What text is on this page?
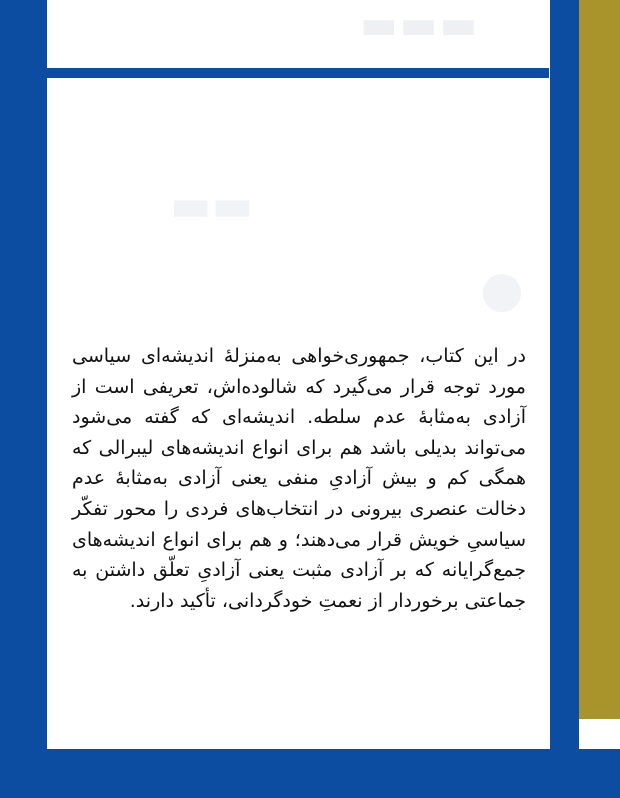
▬▬▬
▬▬
●

در این کتاب، جمهوری‌خواهی به‌منزلهٔ اندیشه‌ای سیاسی مورد توجه قرار می‌گیرد که شالوده‌اش، تعریفی است از آزادی به‌مثابهٔ عدم سلطه. اندیشه‌ای که گفته می‌شود می‌تواند بدیلی باشد هم برای انواع اندیشه‌های لیبرالی که همگی کم و بیش آزادیِ منفی یعنی آزادی به‌مثابهٔ عدم دخالت عنصری بیرونی در انتخاب‌های فردی را محور تفکّر سیاسیِ خویش قرار می‌دهند؛ و هم برای انواع اندیشه‌های جمع‌گرایانه که بر آزادی مثبت یعنی آزادیِ تعلّق داشتن به جماعتی برخوردار از نعمتِ خودگردانی، تأکید دارند.
